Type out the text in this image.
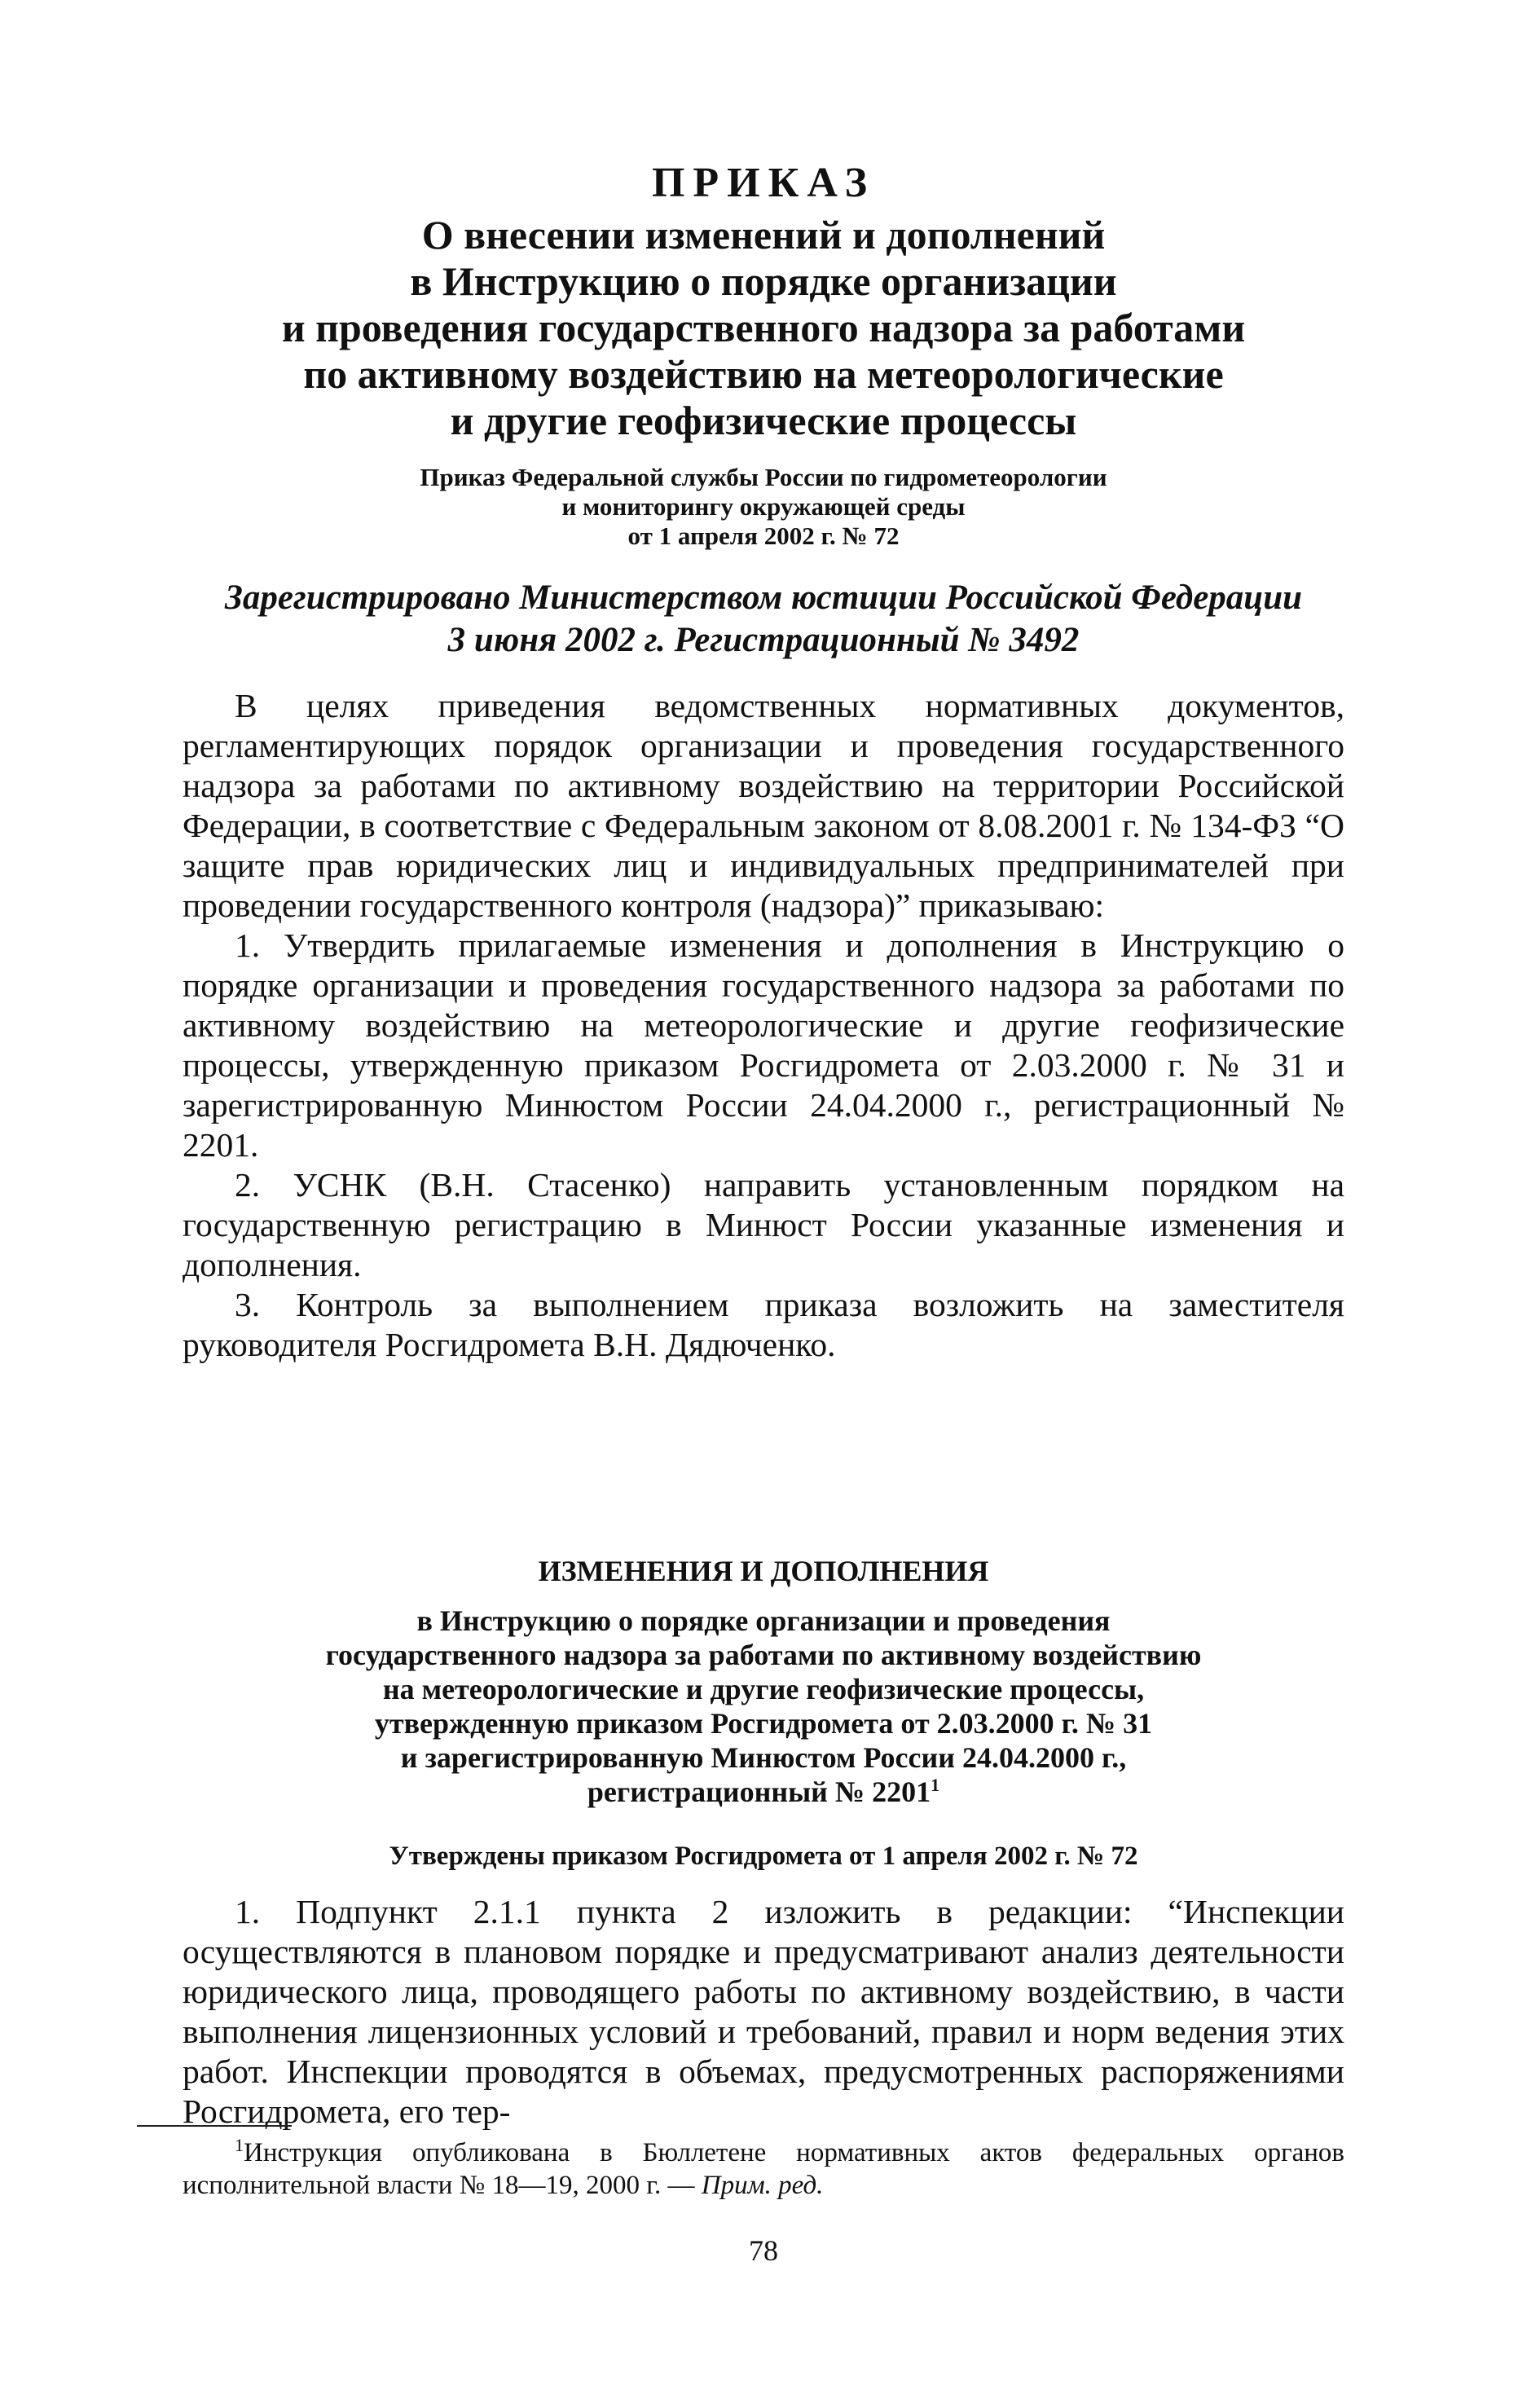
ПРИКАЗ
О внесении изменений и дополнений
в Инструкцию о порядке организации
и проведения государственного надзора за работами
по активному воздействию на метеорологические
и другие геофизические процессы
Приказ Федеральной службы России по гидрометеорологии
и мониторингу окружающей среды
от 1 апреля 2002 г. № 72
Зарегистрировано Министерством юстиции Российской Федерации
3 июня 2002 г. Регистрационный № 3492

В целях приведения ведомственных нормативных документов, регламентирующих порядок организации и проведения государственного надзора за работами по активному воздействию на территории Российской Федерации, в соответствие с Федеральным законом от 8.08.2001 г. № 134-ФЗ “О защите прав юридических лиц и индивидуальных предпринимателей при проведении государственного контроля (надзора)” приказываю:

1. Утвердить прилагаемые изменения и дополнения в Инструкцию о порядке организации и проведения государственного надзора за работами по активному воздействию на метеорологические и другие геофизические процессы, утвержденную приказом Росгидромета от 2.03.2000 г. № 31 и зарегистрированную Минюстом России 24.04.2000 г., регистрационный № 2201.

2. УСНК (В.Н. Стасенко) направить установленным порядком на государственную регистрацию в Минюст России указанные изменения и дополнения.

3. Контроль за выполнением приказа возложить на заместителя руководителя Росгидромета В.Н. Дядюченко.

ИЗМЕНЕНИЯ И ДОПОЛНЕНИЯ
в Инструкцию о порядке организации и проведения
государственного надзора за работами по активному воздействию
на метеорологические и другие геофизические процессы,
утвержденную приказом Росгидромета от 2.03.2000 г. № 31
и зарегистрированную Минюстом России 24.04.2000 г.,
регистрационный № 2201$^1$
Утверждены приказом Росгидромета от 1 апреля 2002 г. № 72

1. Подпункт 2.1.1 пункта 2 изложить в редакции: “Инспекции осуществляются в плановом порядке и предусматривают анализ деятельности юридического лица, проводящего работы по активному воздействию, в части выполнения лицензионных условий и требований, правил и норм ведения этих работ. Инспекции проводятся в объемах, предусмотренных распоряжениями Росгидромета, его тер-

$^1$Инструкция опубликована в Бюллетене нормативных актов федеральных органов исполнительной власти № 18—19, 2000 г. — Прим. ред.

78
